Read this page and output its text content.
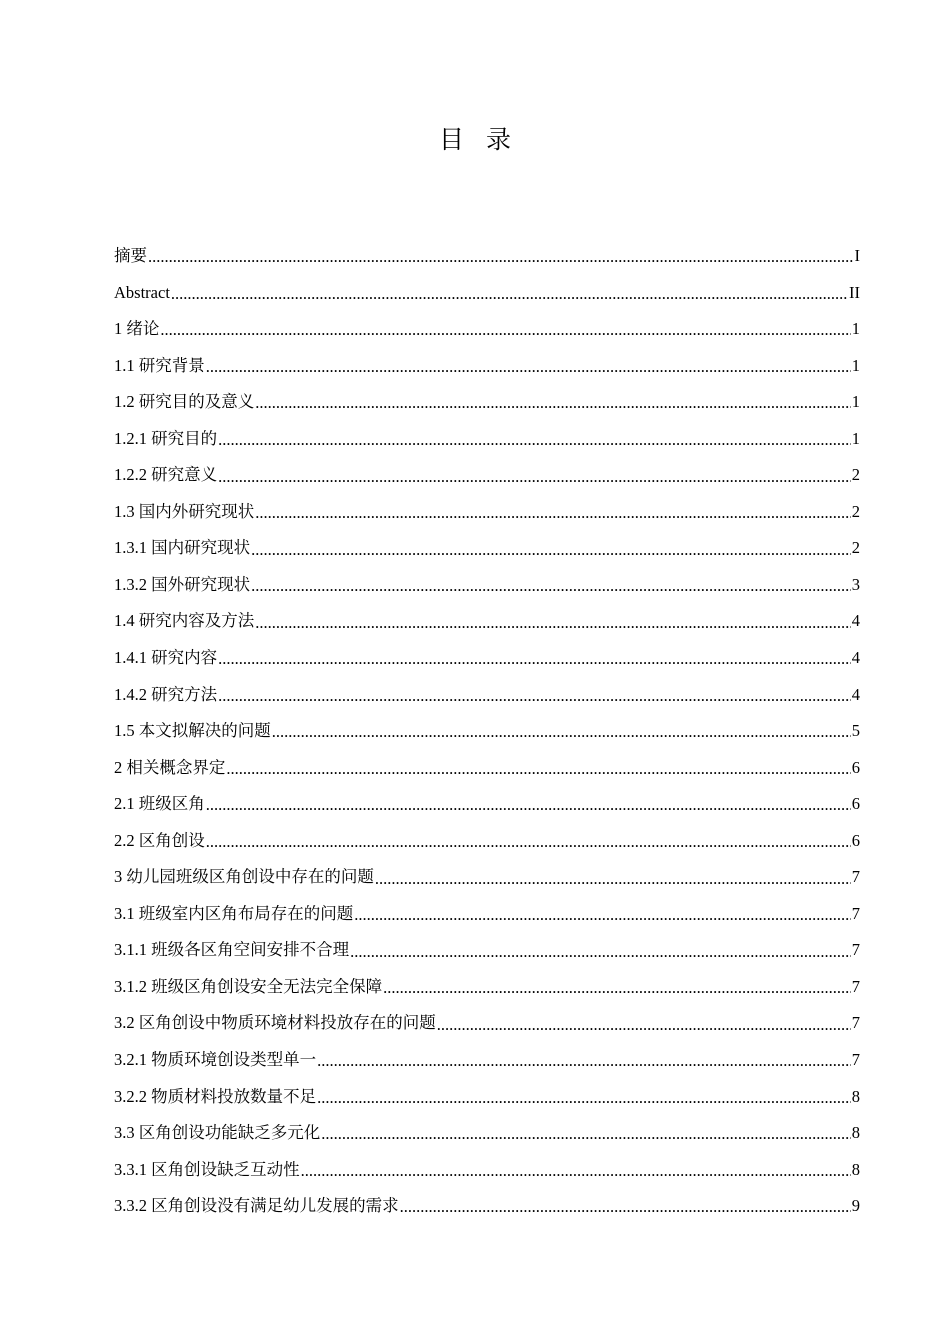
目录
摘要 .....	I
Abstract .....	II
1 绪论 .....	1
1.1 研究背景 .....	1
1.2 研究目的及意义 .....	1
1.2.1 研究目的 .....	1
1.2.2 研究意义 .....	2
1.3 国内外研究现状 .....	2
1.3.1 国内研究现状 .....	2
1.3.2 国外研究现状 .....	3
1.4 研究内容及方法 .....	4
1.4.1 研究内容 .....	4
1.4.2 研究方法 .....	4
1.5 本文拟解决的问题 .....	5
2 相关概念界定 .....	6
2.1 班级区角 .....	6
2.2 区角创设 .....	6
3 幼儿园班级区角创设中存在的问题 .....	7
3.1 班级室内区角布局存在的问题 .....	7
3.1.1 班级各区角空间安排不合理 .....	7
3.1.2 班级区角创设安全无法完全保障 .....	7
3.2 区角创设中物质环境材料投放存在的问题 .....	7
3.2.1 物质环境创设类型单一 .....	7
3.2.2 物质材料投放数量不足 .....	8
3.3 区角创设功能缺乏多元化 .....	8
3.3.1 区角创设缺乏互动性 .....	8
3.3.2 区角创设没有满足幼儿发展的需求 .....	9
